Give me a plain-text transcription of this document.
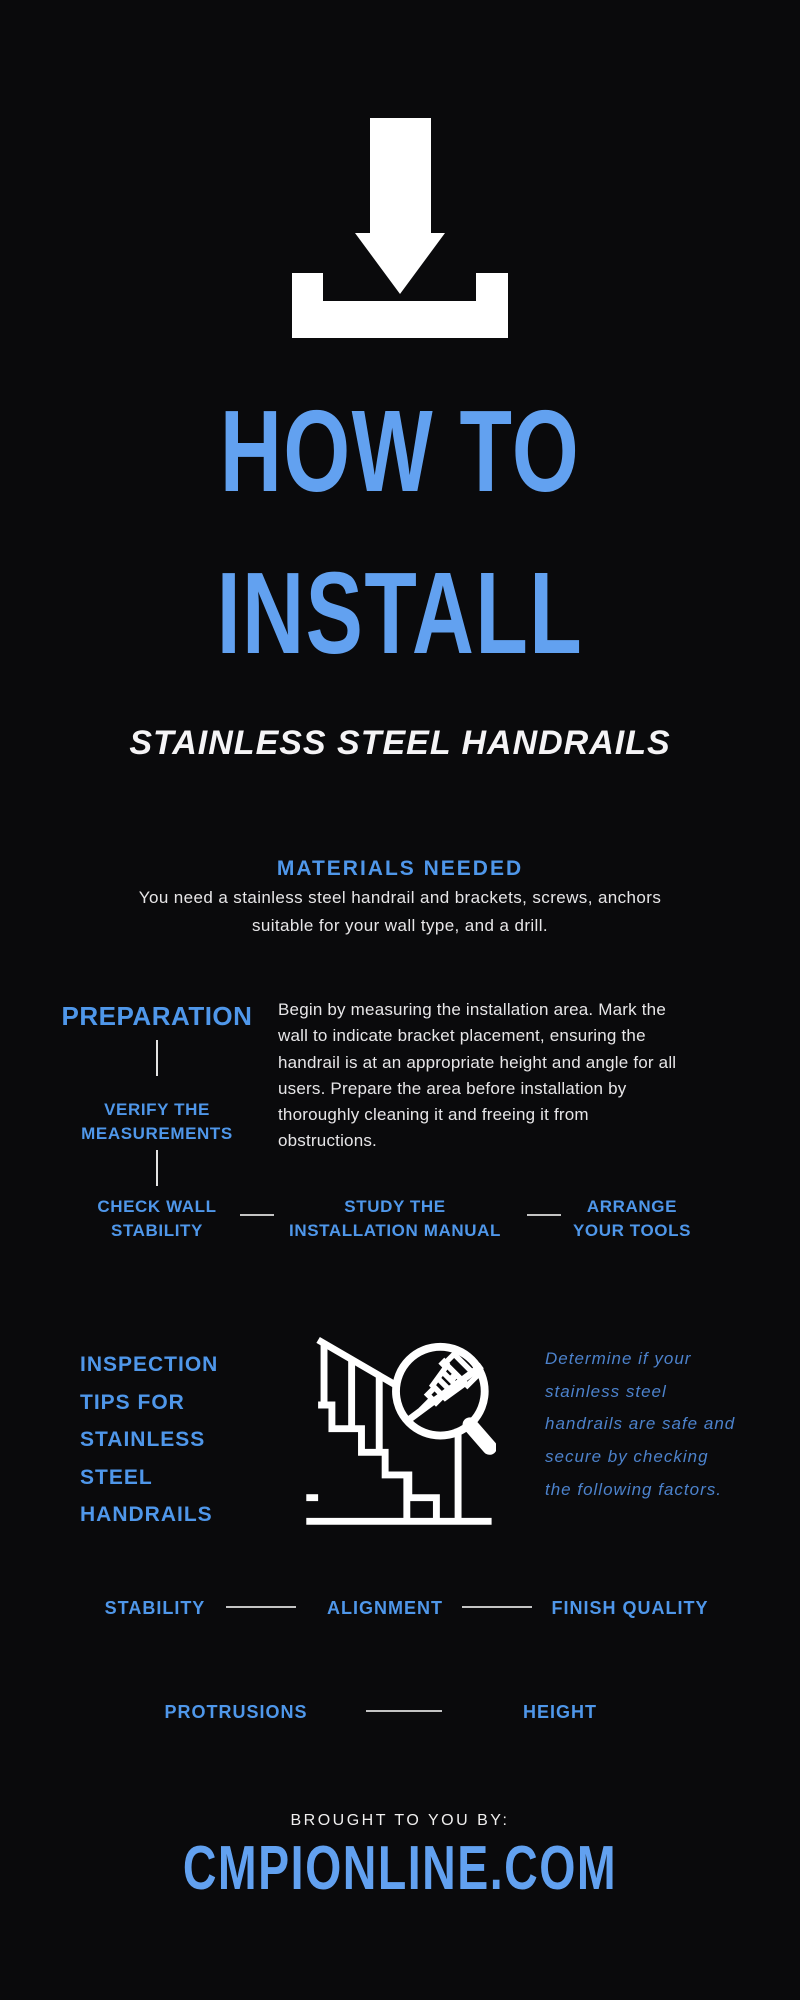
HOW TO
INSTALL
STAINLESS STEEL HANDRAILS
MATERIALS NEEDED
You need a stainless steel handrail and brackets, screws, anchors suitable for your wall type, and a drill.
PREPARATION	Begin by measuring the installation area. Mark the wall to indicate bracket placement, ensuring the handrail is at an appropriate height and angle for all users. Prepare the area before installation by thoroughly cleaning it and freeing it from obstructions.
VERIFY THE MEASUREMENTS
CHECK WALL STABILITY
STUDY THE INSTALLATION MANUAL
ARRANGE YOUR TOOLS
INSPECTION TIPS FOR STAINLESS STEEL HANDRAILS
Determine if your stainless steel handrails are safe and secure by checking the following factors.
STABILITY	ALIGNMENT	FINISH QUALITY
PROTRUSIONS	HEIGHT
BROUGHT TO YOU BY:
CMPIONLINE.COM
